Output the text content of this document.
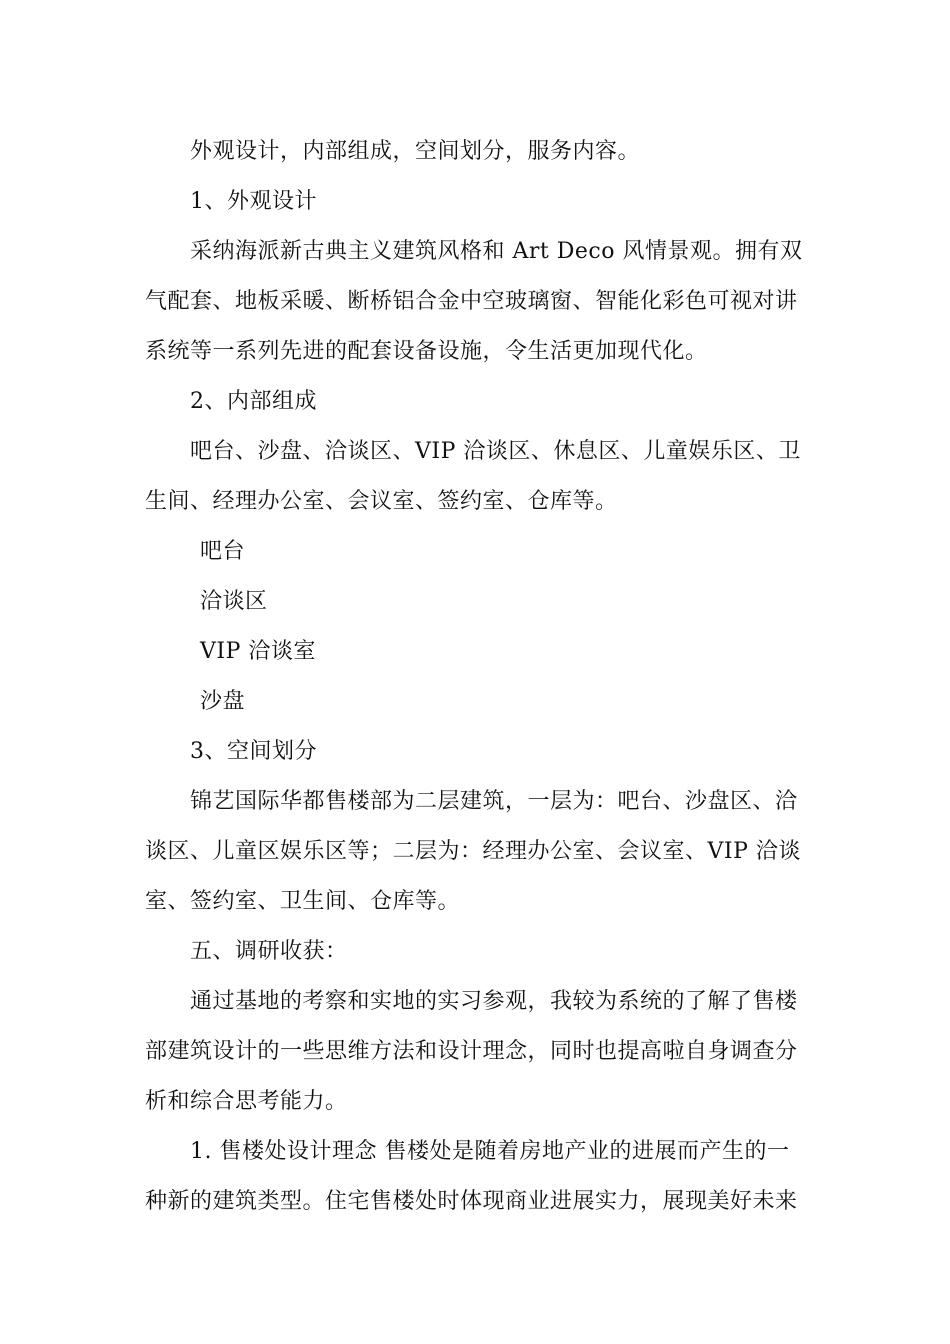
外观设计，内部组成，空间划分，服务内容。
1、外观设计
采纳海派新古典主义建筑风格和 Art Deco 风情景观。拥有双
气配套、地板采暖、断桥铝合金中空玻璃窗、智能化彩色可视对讲
系统等一系列先进的配套设备设施，令生活更加现代化。
2、内部组成
吧台、沙盘、洽谈区、VIP 洽谈区、休息区、儿童娱乐区、卫
生间、经理办公室、会议室、签约室、仓库等。
吧台
洽谈区
VIP 洽谈室
沙盘
3、空间划分
锦艺国际华都售楼部为二层建筑，一层为：吧台、沙盘区、洽
谈区、儿童区娱乐区等；二层为：经理办公室、会议室、VIP 洽谈
室、签约室、卫生间、仓库等。
五、调研收获：
通过基地的考察和实地的实习参观，我较为系统的了解了售楼
部建筑设计的一些思维方法和设计理念，同时也提高啦自身调查分
析和综合思考能力。
1. 售楼处设计理念 售楼处是随着房地产业的进展而产生的一
种新的建筑类型。住宅售楼处时体现商业进展实力，展现美好未来
